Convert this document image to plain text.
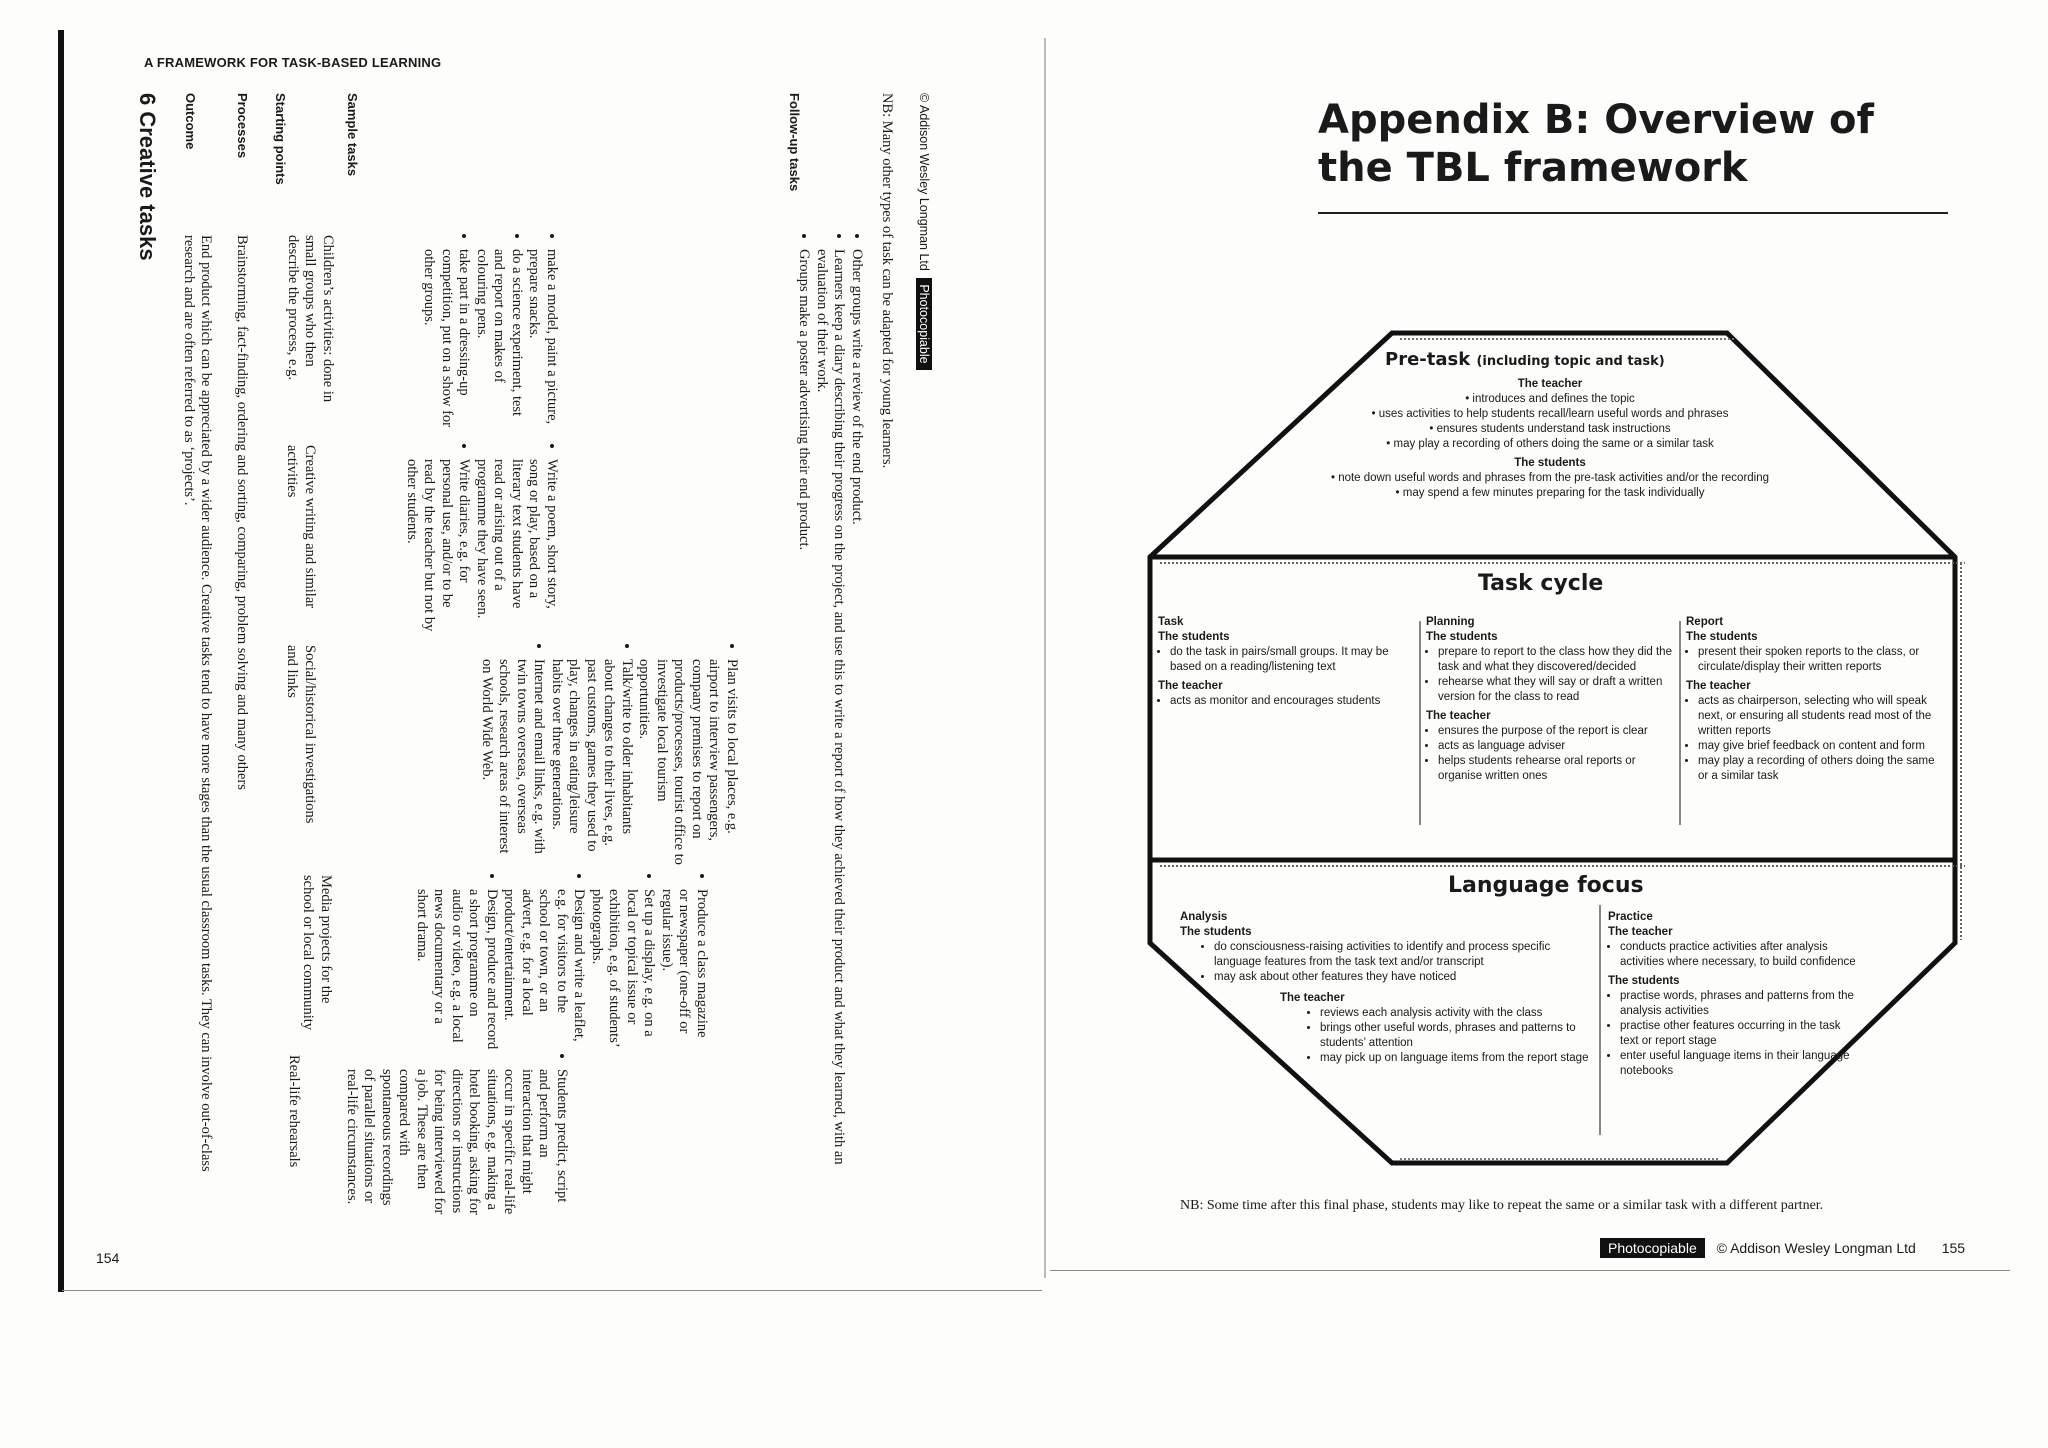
A FRAMEWORK FOR TASK-BASED LEARNING
154
6 Creative tasks Outcome
End product which can be appreciated by a wider audience. Creative tasks tend to have more stages than the usual classroom tasks. They can involve out-of-class research and are often referred to as ‘projects’.
Processes
Brainstorming, fact-finding, ordering and sorting, comparing, problem solving and many others
Starting points
Children’s activities: done in small groups who then describe the process, e.g.
Creative writing and similar activities
Social/historical investigations and links
Media projects for the school or local community
Real-life rehearsals
Sample tasks
• make a model, paint a picture, prepare snacks.
• do a science experiment, test and report on makes of colouring pens.
• take part in a dressing-up competition, put on a show for other groups.
• Write a poem, short story, song or play, based on a literary text students have read or arising out of a programme they have seen.
• Write diaries, e.g. for personal use, and/or to be read by the teacher but not by other students.
• Plan visits to local places, e.g. airport to interview passengers, company premises to report on products/processes, tourist office to investigate local tourism opportunities.
• Talk/write to older inhabitants about changes to their lives, e.g. past customs, games they used to play, changes in eating/leisure habits over three generations.
• Internet and email links, e.g. with twin towns overseas, overseas schools, research areas of interest on World Wide Web.
• Produce a class magazine or newspaper (one-off or regular issue).
• Set up a display, e.g. on a local or topical issue or exhibition, e.g. of students’ photographs.
• Design and write a leaflet, e.g. for visitors to the school or town, or an advert, e.g. for a local product/entertainment.
• Design, produce and record a short programme on audio or video, e.g. a local news documentary or a short drama.
• Students predict, script and perform an interaction that might occur in specific real-life situations, e.g. making a hotel booking, asking for directions or instructions for being interviewed for a job. These are then compared with spontaneous recordings of parallel situations or real-life circumstances.
Follow-up tasks
• Other groups write a review of the end product.
• Learners keep a diary describing their progress on the project, and use this to write a report of how they achieved their product and what they learned, with an evaluation of their work.
• Groups make a poster advertising their end product.	NB: Many other types of task can be adapted for young learners. © Addison Wesley Longman Ltd Photocopiable
Appendix B: Overview of
the TBL framework
Pre-task (including topic and task)
The teacher
• introduces and defines the topic
• uses activities to help students recall/learn useful words and phrases
• ensures students understand task instructions
• may play a recording of others doing the same or a similar task
The students
• note down useful words and phrases from the pre-task activities and/or the recording
• may spend a few minutes preparing for the task individually
Task cycle
Task
The students
• do the task in pairs/small groups. It may be based on a reading/listening text
The teacher
• acts as monitor and encourages students
Planning
The students
• prepare to report to the class how they did the task and what they discovered/decided
• rehearse what they will say or draft a written version for the class to read
The teacher
• ensures the purpose of the report is clear
• acts as language adviser
• helps students rehearse oral reports or organise written ones
Report
The students
• present their spoken reports to the class, or circulate/display their written reports
The teacher
• acts as chairperson, selecting who will speak next, or ensuring all students read most of the written reports
• may give brief feedback on content and form
• may play a recording of others doing the same or a similar task
Language focus
Analysis
The students
• do consciousness-raising activities to identify and process specific language features from the task text and/or transcript
• may ask about other features they have noticed
The teacher
• reviews each analysis activity with the class
• brings other useful words, phrases and patterns to students’ attention
• may pick up on language items from the report stage
Practice
The teacher
• conducts practice activities after analysis activities where necessary, to build confidence
The students
• practise words, phrases and patterns from the analysis activities
• practise other features occurring in the task text or report stage
• enter useful language items in their language notebooks
NB: Some time after this final phase, students may like to repeat the same or a similar task with a different partner.
Photocopiable © Addison Wesley Longman Ltd 155
